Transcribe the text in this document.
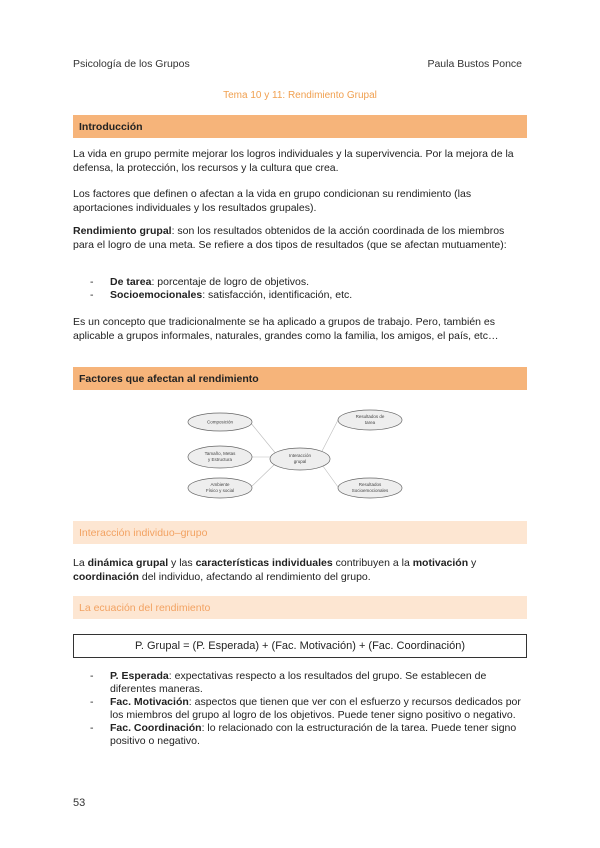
Psicología de los Grupos	Paula Bustos Ponce
Tema 10 y 11: Rendimiento Grupal
Introducción

La vida en grupo permite mejorar los logros individuales y la supervivencia. Por la mejora de la defensa, la protección, los recursos y la cultura que crea.

Los factores que definen o afectan a la vida en grupo condicionan su rendimiento (las aportaciones individuales y los resultados grupales).

Rendimiento grupal: son los resultados obtenidos de la acción coordinada de los miembros para el logro de una meta. Se refiere a dos tipos de resultados (que se afectan mutuamente):

- De tarea: porcentaje de logro de objetivos.
- Socioemocionales: satisfacción, identificación, etc.

Es un concepto que tradicionalmente se ha aplicado a grupos de trabajo. Pero, también es aplicable a grupos informales, naturales, grandes como la familia, los amigos, el país, etc…

Factores que afectan al rendimiento
Composición
Tamaño, Metas
y Estructura
Ambiente
Físico y social
Interacción
grupal
Resultados de
tarea
Resultados
Socioemocionales
Interacción individuo–grupo

La dinámica grupal y las características individuales contribuyen a la motivación y coordinación del individuo, afectando al rendimiento del grupo.

La ecuación del rendimiento
P. Grupal = (P. Esperada) + (Fac. Motivación) + (Fac. Coordinación)
- P. Esperada: expectativas respecto a los resultados del grupo. Se establecen de diferentes maneras.
- Fac. Motivación: aspectos que tienen que ver con el esfuerzo y recursos dedicados por los miembros del grupo al logro de los objetivos. Puede tener signo positivo o negativo.
- Fac. Coordinación: lo relacionado con la estructuración de la tarea. Puede tener signo positivo o negativo.
53
